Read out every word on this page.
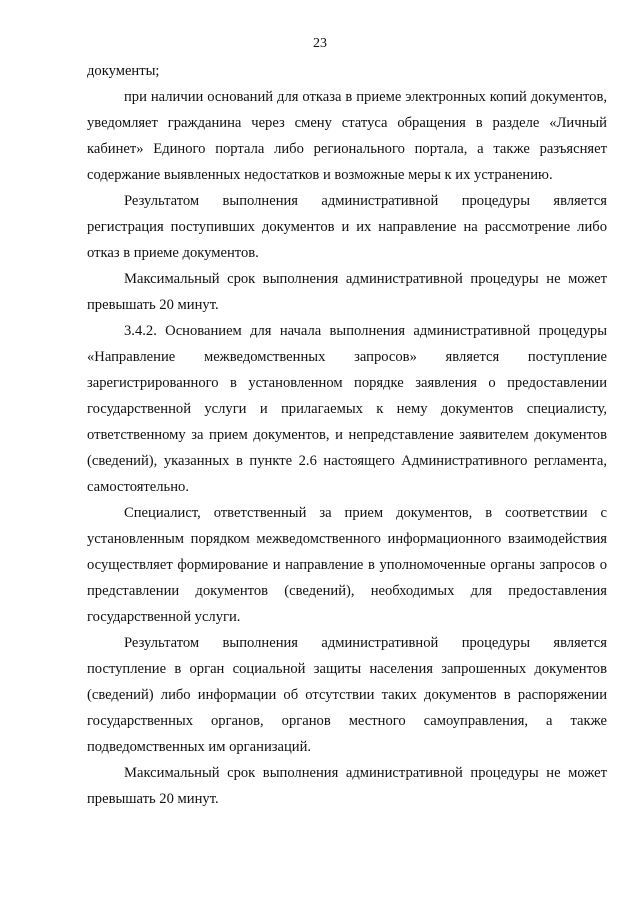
23

документы;

при наличии оснований для отказа в приеме электронных копий документов, уведомляет гражданина через смену статуса обращения в разделе «Личный кабинет» Единого портала либо регионального портала, а также разъясняет содержание выявленных недостатков и возможные меры к их устранению.

Результатом выполнения административной процедуры является регистрация поступивших документов и их направление на рассмотрение либо отказ в приеме документов.

Максимальный срок выполнения административной процедуры не может превышать 20 минут.

3.4.2. Основанием для начала выполнения административной процедуры «Направление межведомственных запросов» является поступление зарегистрированного в установленном порядке заявления о предоставлении государственной услуги и прилагаемых к нему документов специалисту, ответственному за прием документов, и непредставление заявителем документов (сведений), указанных в пункте 2.6 настоящего Административного регламента, самостоятельно.

Специалист, ответственный за прием документов, в соответствии с установленным порядком межведомственного информационного взаимодействия осуществляет формирование и направление в уполномоченные органы запросов о представлении документов (сведений), необходимых для предоставления государственной услуги.

Результатом выполнения административной процедуры является поступление в орган социальной защиты населения запрошенных документов (сведений) либо информации об отсутствии таких документов в распоряжении государственных органов, органов местного самоуправления, а также подведомственных им организаций.

Максимальный срок выполнения административной процедуры не может превышать 20 минут.
